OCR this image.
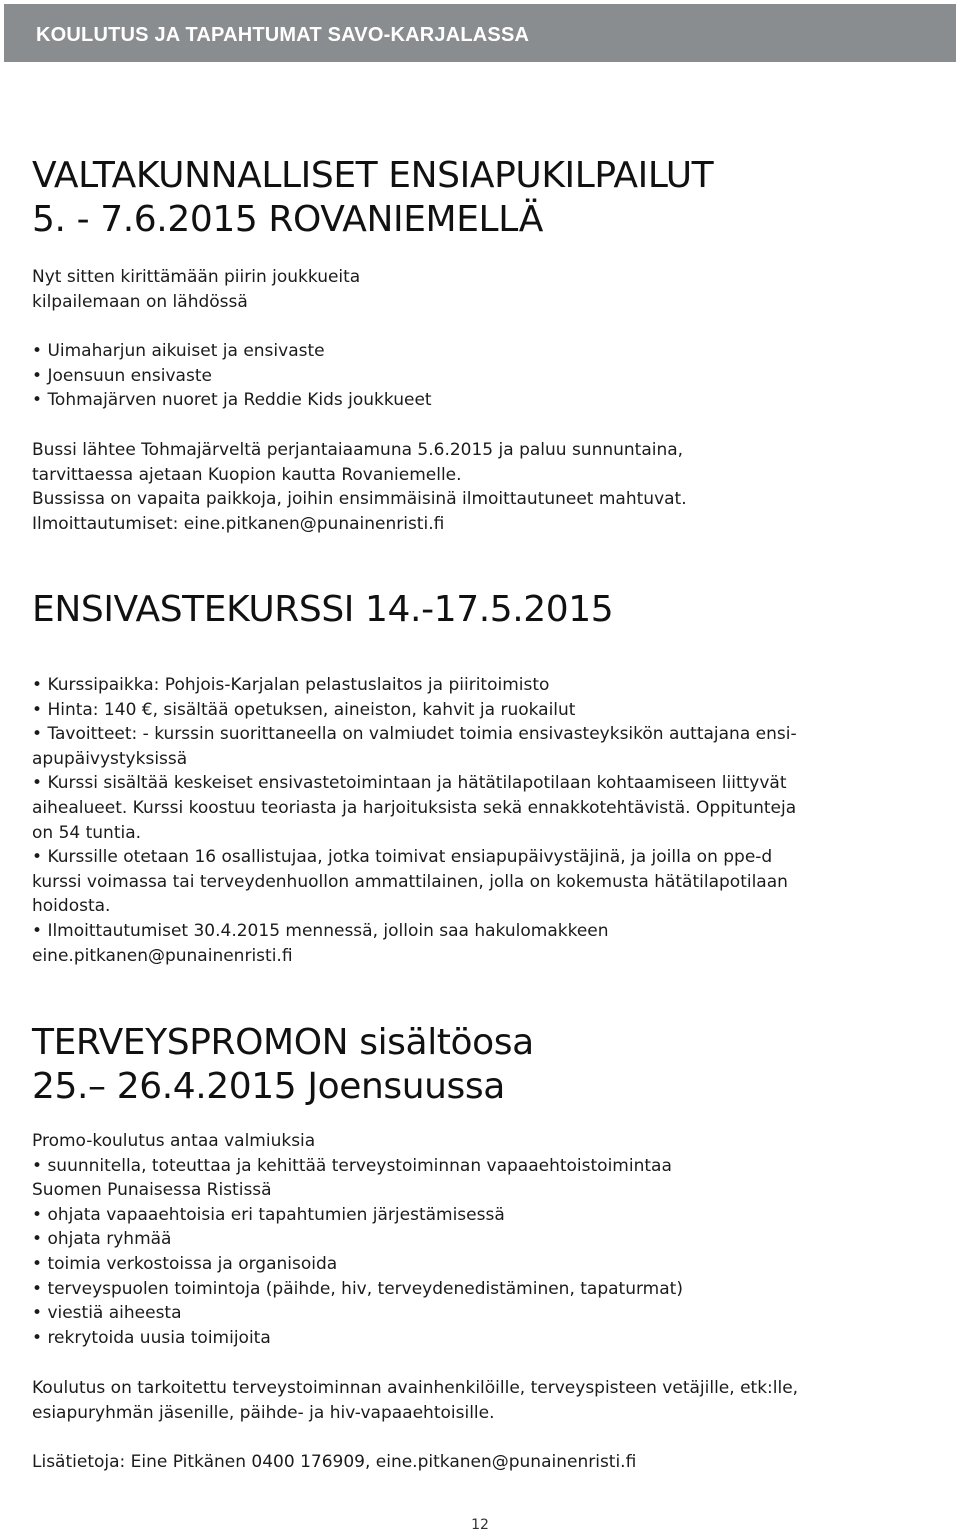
KOULUTUS JA TAPAHTUMAT SAVO-KARJALASSA
VALTAKUNNALLISET ENSIAPUKILPAILUT
5. - 7.6.2015 ROVANIEMELLÄ
Nyt sitten kirittämään piirin joukkueita
kilpailemaan on lähdössä
• Uimaharjun aikuiset ja ensivaste
• Joensuun ensivaste
• Tohmajärven nuoret ja Reddie Kids joukkueet
Bussi lähtee Tohmajärveltä perjantaiaamuna 5.6.2015 ja paluu sunnuntaina,
tarvittaessa ajetaan Kuopion kautta Rovaniemelle.
Bussissa on vapaita paikkoja, joihin ensimmäisinä ilmoittautuneet mahtuvat.
Ilmoittautumiset: eine.pitkanen@punainenristi.fi
ENSIVASTEKURSSI 14.-17.5.2015
• Kurssipaikka: Pohjois-Karjalan pelastuslaitos ja piiritoimisto
• Hinta: 140 €, sisältää opetuksen, aineiston, kahvit ja ruokailut
• Tavoitteet: - kurssin suorittaneella on valmiudet toimia ensivasteyksikön auttajana ensi-
apupäivystyksissä
• Kurssi sisältää keskeiset ensivastetoimintaan ja hätätilapotilaan kohtaamiseen liittyvät
aihealueet. Kurssi koostuu teoriasta ja harjoituksista sekä ennakkotehtävistä. Oppitunteja
on 54 tuntia.
• Kurssille otetaan 16 osallistujaa, jotka toimivat ensiapupäivystäjinä, ja joilla on ppe-d
kurssi voimassa tai terveydenhuollon ammattilainen, jolla on kokemusta hätätilapotilaan
hoidosta.
• Ilmoittautumiset 30.4.2015 mennessä, jolloin saa hakulomakkeen
eine.pitkanen@punainenristi.fi
TERVEYSPROMON sisältöosa
25.– 26.4.2015 Joensuussa
Promo-koulutus antaa valmiuksia
• suunnitella, toteuttaa ja kehittää terveystoiminnan vapaaehtoistoimintaa
Suomen Punaisessa Ristissä
• ohjata vapaaehtoisia eri tapahtumien järjestämisessä
• ohjata ryhmää
• toimia verkostoissa ja organisoida
• terveyspuolen toimintoja (päihde, hiv, terveydenedistäminen, tapaturmat)
• viestiä aiheesta
• rekrytoida uusia toimijoita
Koulutus on tarkoitettu terveystoiminnan avainhenkilöille, terveyspisteen vetäjille, etk:lle,
esiapuryhmän jäsenille, päihde- ja hiv-vapaaehtoisille.
Lisätietoja: Eine Pitkänen 0400 176909, eine.pitkanen@punainenristi.fi
12
